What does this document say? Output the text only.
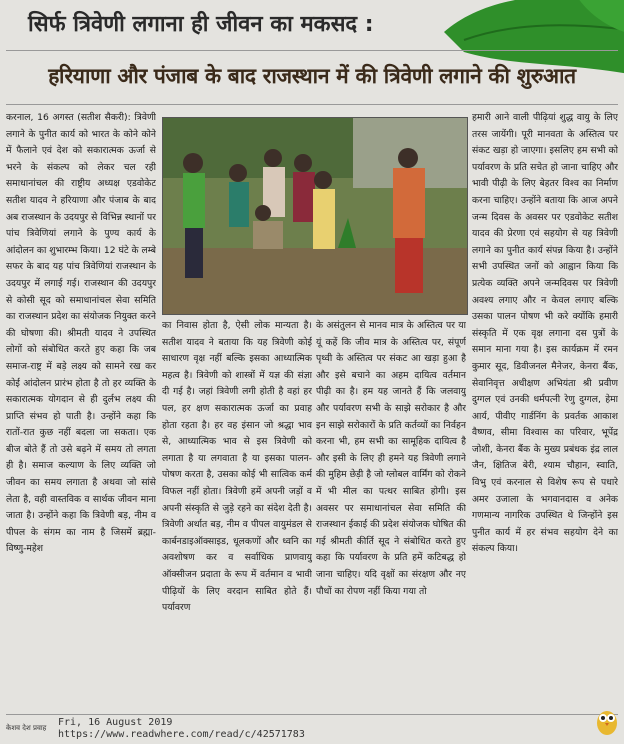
सिर्फ त्रिवेणी लगाना ही जीवन का मकसद :
हरियाणा और पंजाब के बाद राजस्थान में की त्रिवेणी लगाने की शुरुआत

करनाल, 16 अगस्त (सतीश सैकरी): त्रिवेणी लगाने के पुनीत कार्य को भारत के कोने कोने में फैलाने एवं देश को सकारात्मक ऊर्जा से भरने के संकल्प को लेकर चल रही समाधानांचल की राष्ट्रीय अध्यक्ष एडवोकेट सतीश यादव ने हरियाणा और पंजाब के बाद अब राजस्थान के उदयपुर से विभिन्न स्थानों पर पांच त्रिवेणियां लगाने के पुण्य कार्य के आंदोलन का शुभारम्भ किया। 12 घंटे के लम्बे सफर के बाद यह पांच त्रिवेणियां राजस्थान के उदयपुर में लगाई गई। राजस्थान की उदयपुर से कोसी सूद को समाधानांचल सेवा समिति का राजस्थान प्रदेश का संयोजक नियुक्त करने की घोषणा की। श्रीमती यादव ने उपस्थित लोगों को संबोधित करते हुए कहा कि जब समाज-राष्ट्र में बड़े लक्ष्य को सामने रख कर कोई आंदोलन प्रारंभ होता है तो हर व्यक्ति के सकारात्मक योगदान से ही दुर्लभ लक्ष्य की प्राप्ति संभव हो पाती है। उन्होंने कहा कि रातों-रात कुछ नहीं बदला जा सकता। एक बीज बोते हैं तो उसे बढ़ने में समय तो लगता ही है। समाज कल्याण के लिए व्यक्ति जो जीवन का समय लगाता है अथवा जो सांसे लेता है, वही वास्तविक व सार्थक जीवन माना जाता है। उन्होंने कहा कि त्रिवेणी बड़, नीम व पीपल के संगम का नाम है जिसमें ब्रह्मा-विष्णु-महेश

का निवास होता है, ऐसी लोक मान्यता है। सतीश यादव ने बताया कि यह त्रिवेणी कोई साधारण वृक्ष नहीं बल्कि इसका आध्यात्मिक महत्व है। त्रिवेणी को शास्त्रों में यज्ञ की संज्ञा दी गई है। जहां त्रिवेणी लगी होती है वहां हर पल, हर क्षण सकारात्मक ऊर्जा का प्रवाह होता रहता है। हर वह इंसान जो श्रद्धा भाव से, आध्यात्मिक भाव से इस त्रिवेणी को लगाता है या लगवाता है या इसका पालन-पोषण करता है, उसका कोई भी सात्विक कर्म विफल नहीं होता। त्रिवेणी हमें अपनी जड़ों व अपनी संस्कृति से जुड़े रहने का संदेश देती है। त्रिवेणी अर्थात बड़, नीम व पीपल वायुमंडल से कार्बनडाइऑक्साइड, धूलकणों और ध्वनि का अवशोषण कर व सर्वाधिक प्राणवायु ऑक्सीजन प्रदाता के रूप में वर्तमान व भावी पीढ़ियों के लिए वरदान साबित होते हैं। पर्यावरण

के असंतुलन से मानव मात्र के अस्तित्व पर या यूं कहें कि जीव मात्र के अस्तित्व पर, संपूर्ण पृथ्वी के अस्तित्व पर संकट आ खड़ा हुआ है और इसे बचाने का अहम दायित्व वर्तमान पीढ़ी का है। हम यह जानते हैं कि जलवायु और पर्यावरण सभी के साझे सरोकार है और इन साझे सरोकारों के प्रति कर्तव्यों का निर्वहन करना भी, हम सभी का सामूहिक दायित्व है और इसी के लिए ही हमने यह त्रिवेणी लगाने की मुहिम छेड़ी है जो ग्लोबल वार्मिंग को रोकने में भी मील का पत्थर साबित होगी। इस अवसर पर समाधानांचल सेवा समिति की राजस्थान ईकाई की प्रदेश संयोजक घोषित की गई श्रीमती कीर्ति सूद ने संबोधित करते हुए कहा कि पर्यावरण के प्रति हमें कटिबद्ध हो जाना चाहिए। यदि वृक्षों का संरक्षण और नए पौधों का रोपण नहीं किया गया तो

हमारी आने वाली पीढ़ियां शुद्ध वायु के लिए तरस जायेंगी। पूरी मानवता के अस्तित्व पर संकट खड़ा हो जाएगा। इसलिए हम सभी को पर्यावरण के प्रति सचेत हो जाना चाहिए और भावी पीढ़ी के लिए बेहतर विश्व का निर्माण करना चाहिए। उन्होंने बताया कि आज अपने जन्म दिवस के अवसर पर एडवोकेट सतीश यादव की प्रेरणा एवं सहयोग से यह त्रिवेणी लगाने का पुनीत कार्य संपन्न किया है। उन्होंने सभी उपस्थित जनों को आह्वान किया कि प्रत्येक व्यक्ति अपने जन्मदिवस पर त्रिवेणी अवश्य लगाए और न केवल लगाए बल्कि उसका पालन पोषण भी करे क्योंकि हमारी संस्कृति में एक वृक्ष लगाना दस पुत्रों के समान माना गया है। इस कार्यक्रम में रमन कुमार सूद, डिवीजनल मैनेजर, केनरा बैंक, सेवानिवृत्त अधीक्षण अभियंता श्री प्रवीण दुग्गल एवं उनकी धर्मपत्नी रेणु दुग्गल, हेमा आर्य, पीवीए गार्डनिंग के प्रवर्तक आकाश वैष्णव, सीमा विश्वास का परिवार, भूपेंद्र जोशी, केनरा बैंक के मुख्य प्रबंधक इंद्र लाल जैन, क्षितिज बेरी, श्याम चौहान, स्वाति, विभु एवं करनाल से विशेष रूप से पधारे अमर उजाला के भगवानदास व अनेक गणमान्य नागरिक उपस्थित थे जिन्होंने इस पुनीत कार्य में हर संभव सहयोग देने का संकल्प किया।

केशव देश प्रवाह Fri, 16 August 2019
https://www.readwhere.com/read/c/42571783
